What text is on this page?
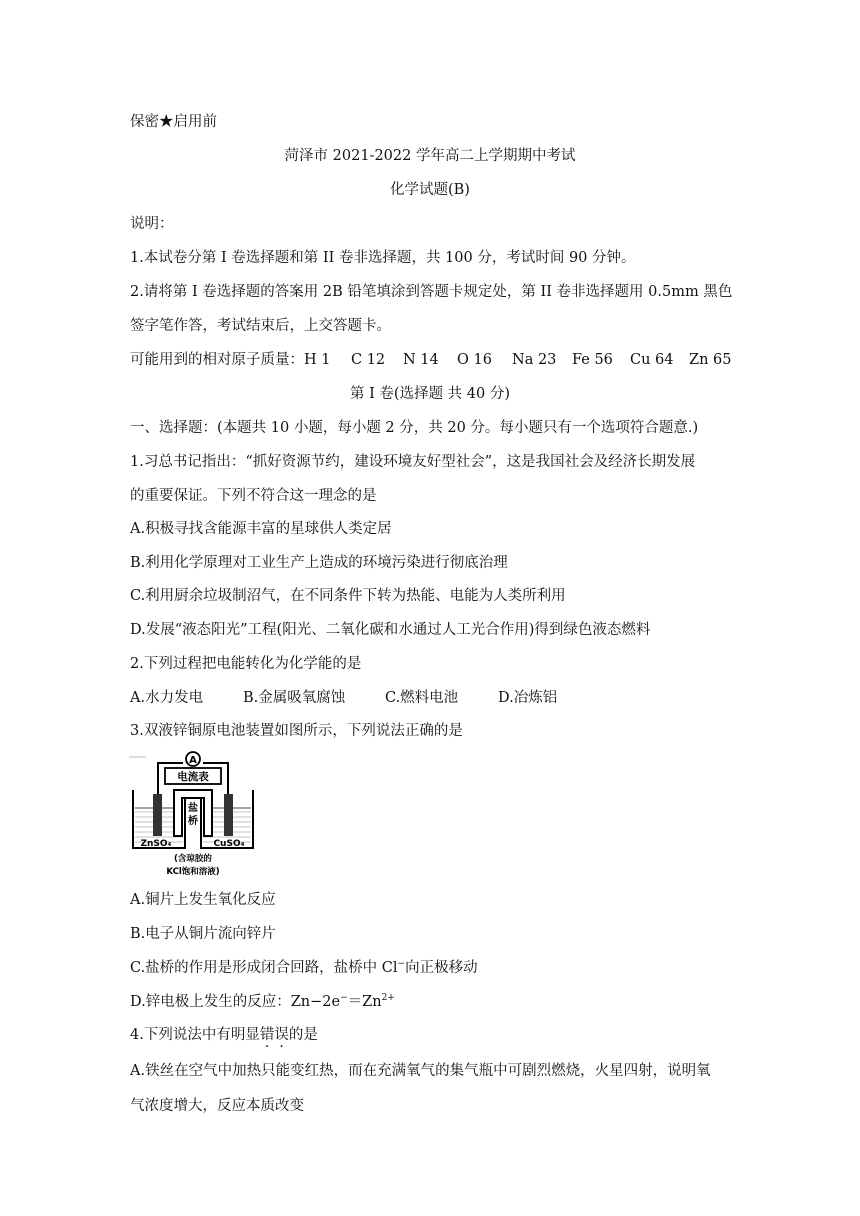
保密★启用前
菏泽市 2021-2022 学年高二上学期期中考试
化学试题(B)
说明：
1.本试卷分第 I 卷选择题和第 II 卷非选择题，共 100 分，考试时间 90 分钟。
2.请将第 I 卷选择题的答案用 2B 铅笔填涂到答题卡规定处，第 II 卷非选择题用 0.5mm 黑色
签字笔作答，考试结束后，上交答题卡。
可能用到的相对原子质量：H 1 C 12 N 14 O 16 Na 23 Fe 56 Cu 64 Zn 65
第 I 卷(选择题 共 40 分)
一、选择题：(本题共 10 小题，每小题 2 分，共 20 分。每小题只有一个选项符合题意.)
1.习总书记指出：“抓好资源节约，建设环境友好型社会”，这是我国社会及经济长期发展
的重要保证。下列不符合这一理念的是
A.积极寻找含能源丰富的星球供人类定居
B.利用化学原理对工业生产上造成的环境污染进行彻底治理
C.利用厨余垃圾制沼气，在不同条件下转为热能、电能为人类所利用
D.发展“液态阳光”工程(阳光、二氧化碳和水通过人工光合作用)得到绿色液态燃料
2.下列过程把电能转化为化学能的是
A.水力发电	B.金属吸氧腐蚀	C.燃料电池	D.冶炼铝
3.双液锌铜原电池装置如图所示，下列说法正确的是
A
电流表
盐
桥
ZnSO₄	CuSO₄
(含琼胶的
KCl饱和溶液)
A.铜片上发生氧化反应
B.电子从铜片流向锌片
C.盐桥的作用是形成闭合回路，盐桥中 Cl−向正极移动
D.锌电极上发生的反应：$Zn-2e^-=Zn^{2+}$
4.下列说法中有明显错误的是
A.铁丝在空气中加热只能变红热，而在充满氧气的集气瓶中可剧烈燃烧，火星四射，说明氧
气浓度增大，反应本质改变
